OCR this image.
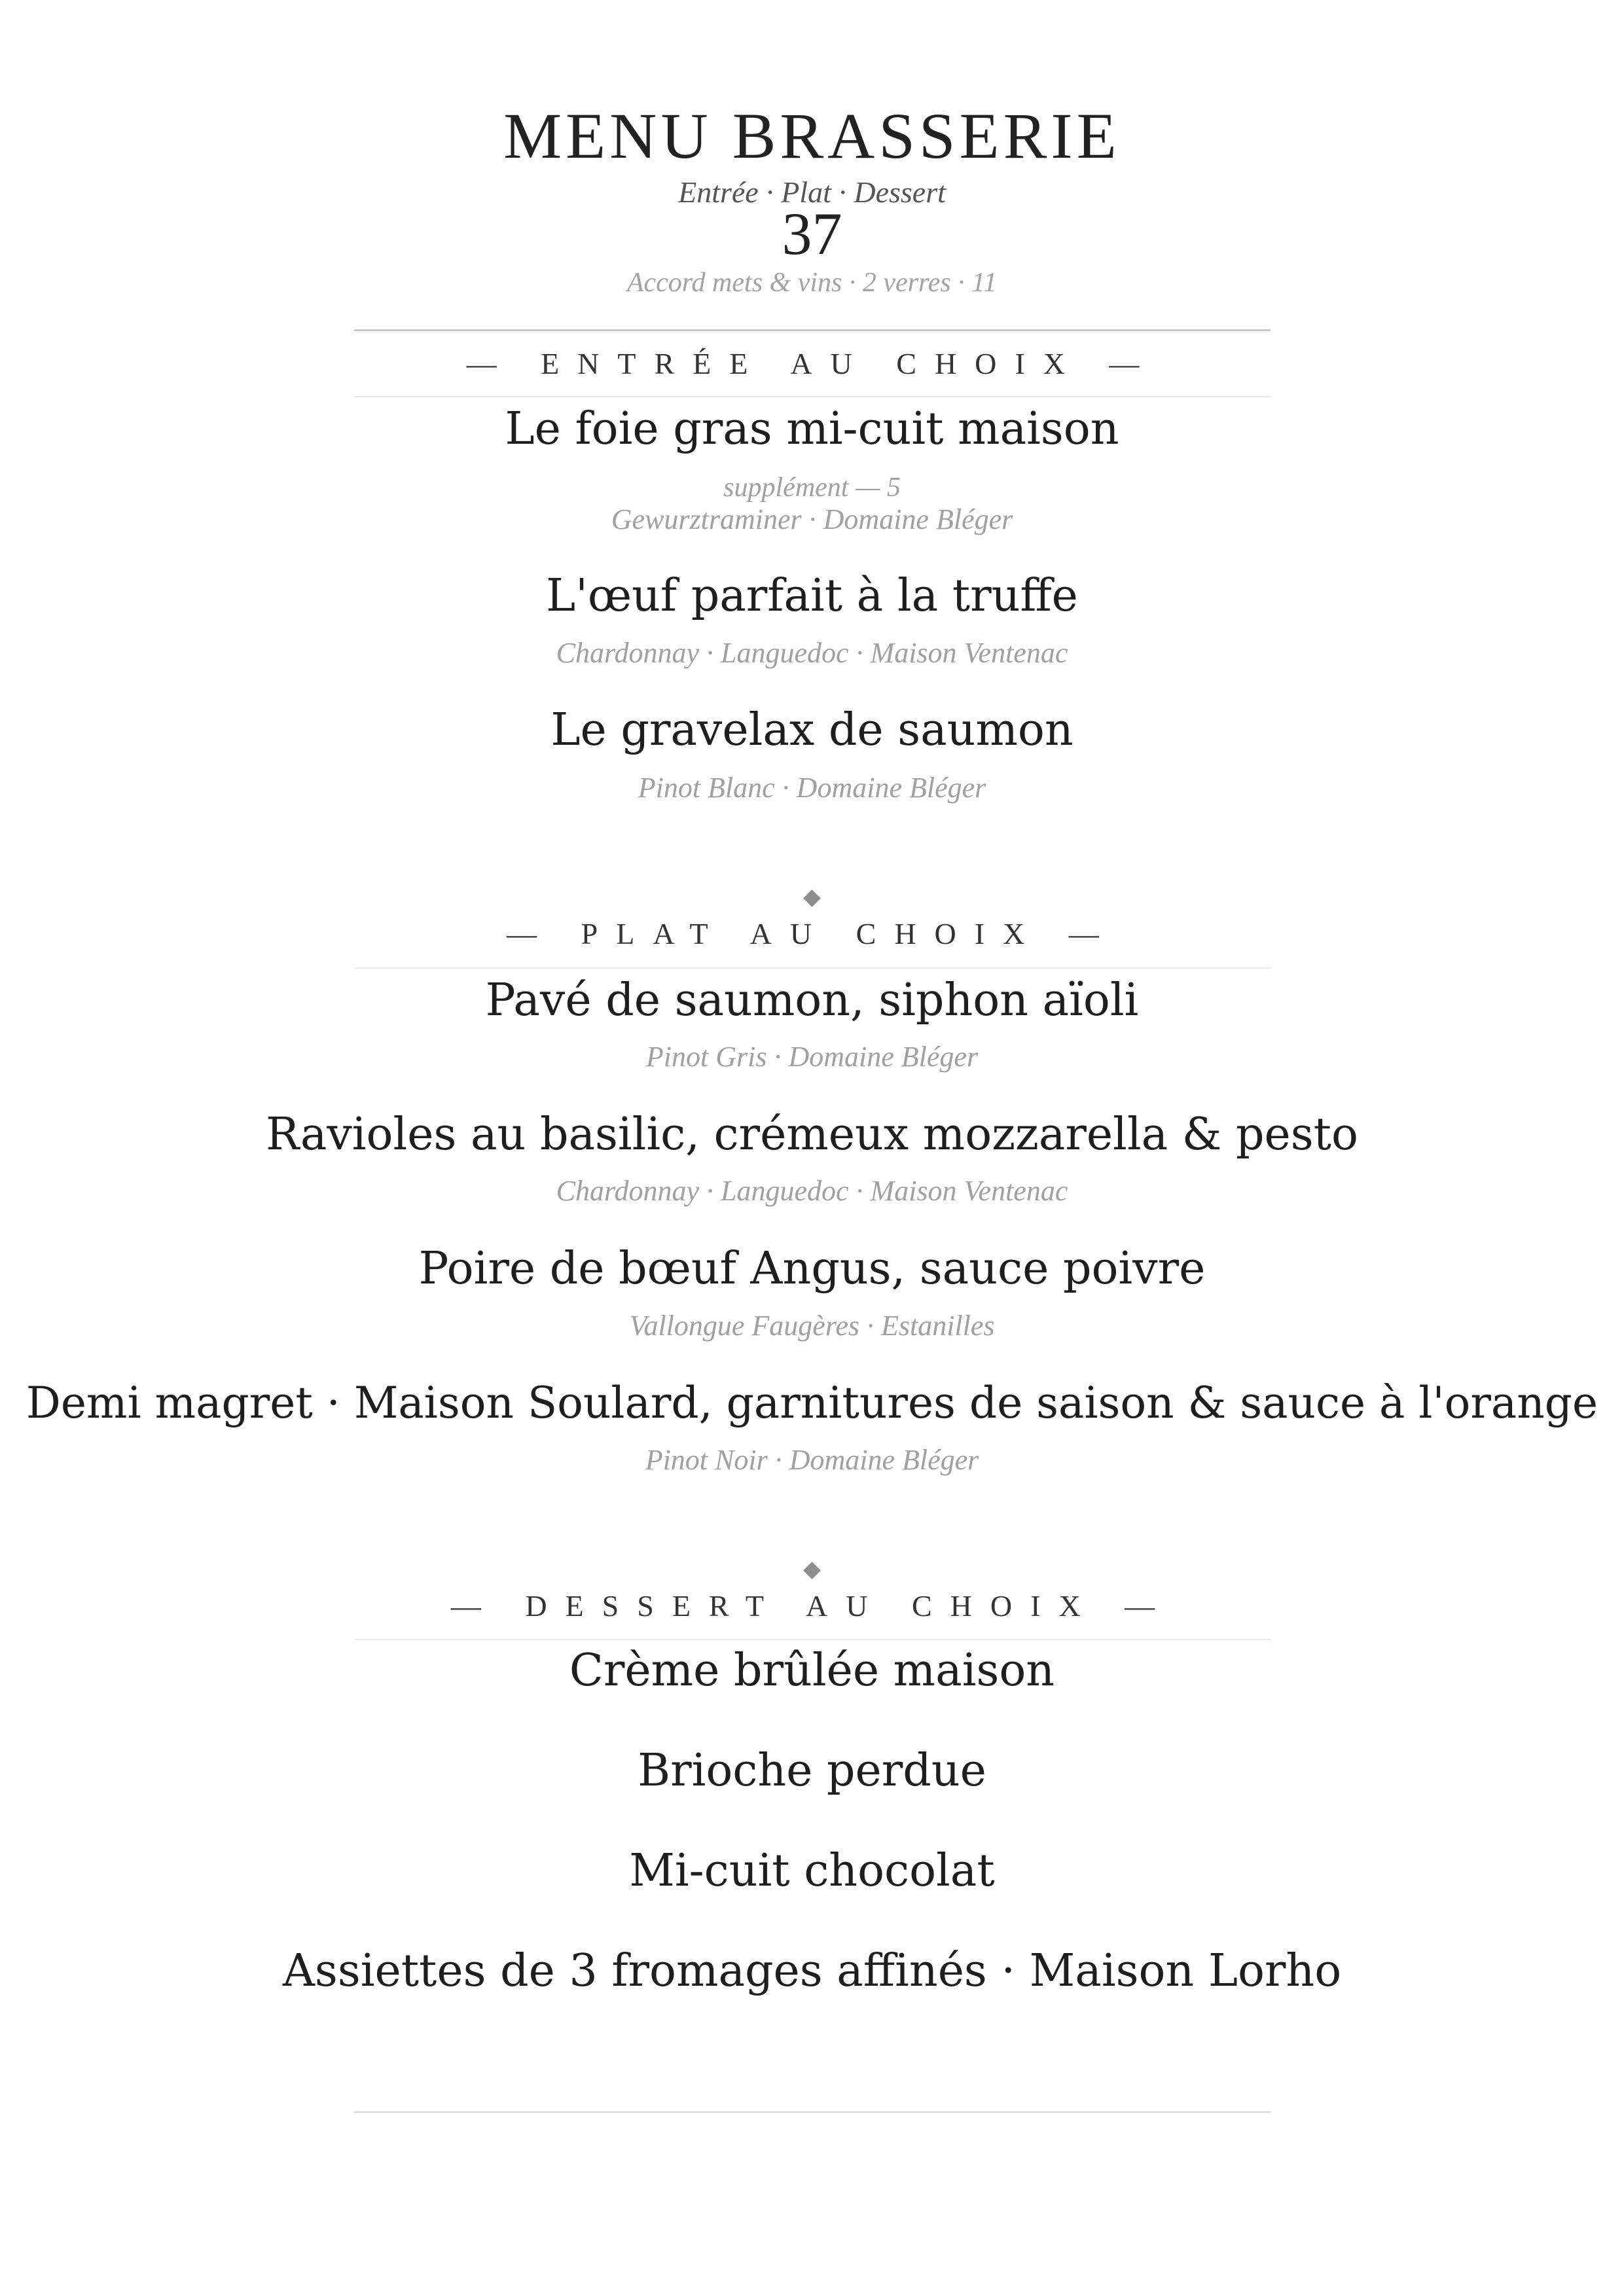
MENU BRASSERIE
Entrée · Plat · Dessert
37
Accord mets & vins · 2 verres · 11
— ENTRÉE AU CHOIX —
Le foie gras mi-cuit maison
supplément — 5
Gewurztraminer · Domaine Bléger
L'œuf parfait à la truffe
Chardonnay · Languedoc · Maison Ventenac
Le gravelax de saumon
Pinot Blanc · Domaine Bléger
— PLAT AU CHOIX —
Pavé de saumon, siphon aïoli
Pinot Gris · Domaine Bléger
Ravioles au basilic, crémeux mozzarella & pesto
Chardonnay · Languedoc · Maison Ventenac
Poire de bœuf Angus, sauce poivre
Vallongue Faugères · Estanilles
Demi magret · Maison Soulard, garnitures de saison & sauce à l'orange
Pinot Noir · Domaine Bléger
— DESSERT AU CHOIX —
Crème brûlée maison
Brioche perdue
Mi-cuit chocolat
Assiettes de 3 fromages affinés · Maison Lorho
